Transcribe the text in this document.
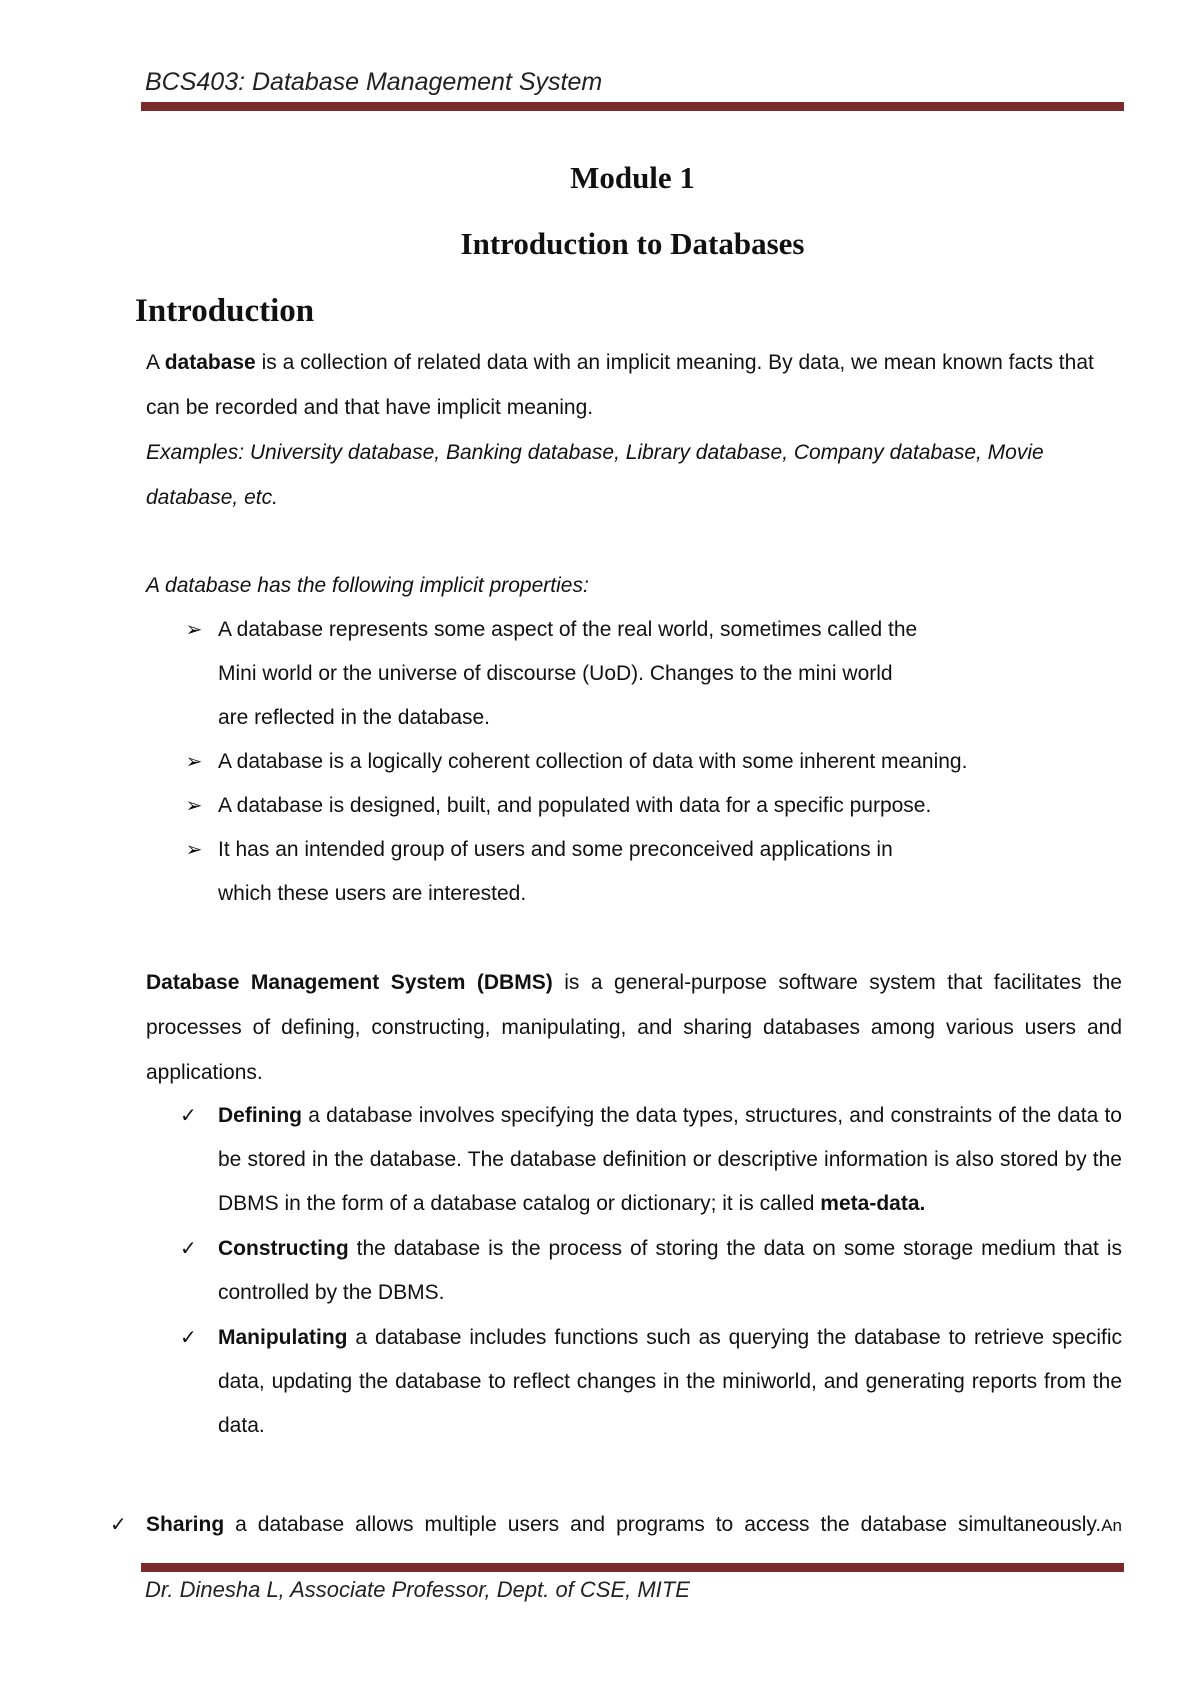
BCS403: Database Management System
Module 1
Introduction to Databases
Introduction
A database is a collection of related data with an implicit meaning. By data, we mean known facts that can be recorded and that have implicit meaning.
Examples: University database, Banking database, Library database, Company database, Movie database, etc.
A database has the following implicit properties:
➢ A database represents some aspect of the real world, sometimes called the
Mini world or the universe of discourse (UoD). Changes to the mini world
are reflected in the database.
➢ A database is a logically coherent collection of data with some inherent meaning.
➢ A database is designed, built, and populated with data for a specific purpose.
➢ It has an intended group of users and some preconceived applications in
which these users are interested.
Database Management System (DBMS) is a general-purpose software system that facilitates the processes of defining, constructing, manipulating, and sharing databases among various users and applications.
✓	Defining a database involves specifying the data types, structures, and constraints of the data to be stored in the database. The database definition or descriptive information is also stored by the DBMS in the form of a database catalog or dictionary; it is called meta-data.
✓	Constructing the database is the process of storing the data on some storage medium that is controlled by the DBMS.
✓	Manipulating a database includes functions such as querying the database to retrieve specific data, updating the database to reflect changes in the miniworld, and generating reports from the data.
✓ Sharing a database allows multiple users and programs to access the database simultaneously.An
Dr. Dinesha L, Associate Professor, Dept. of CSE, MITE
